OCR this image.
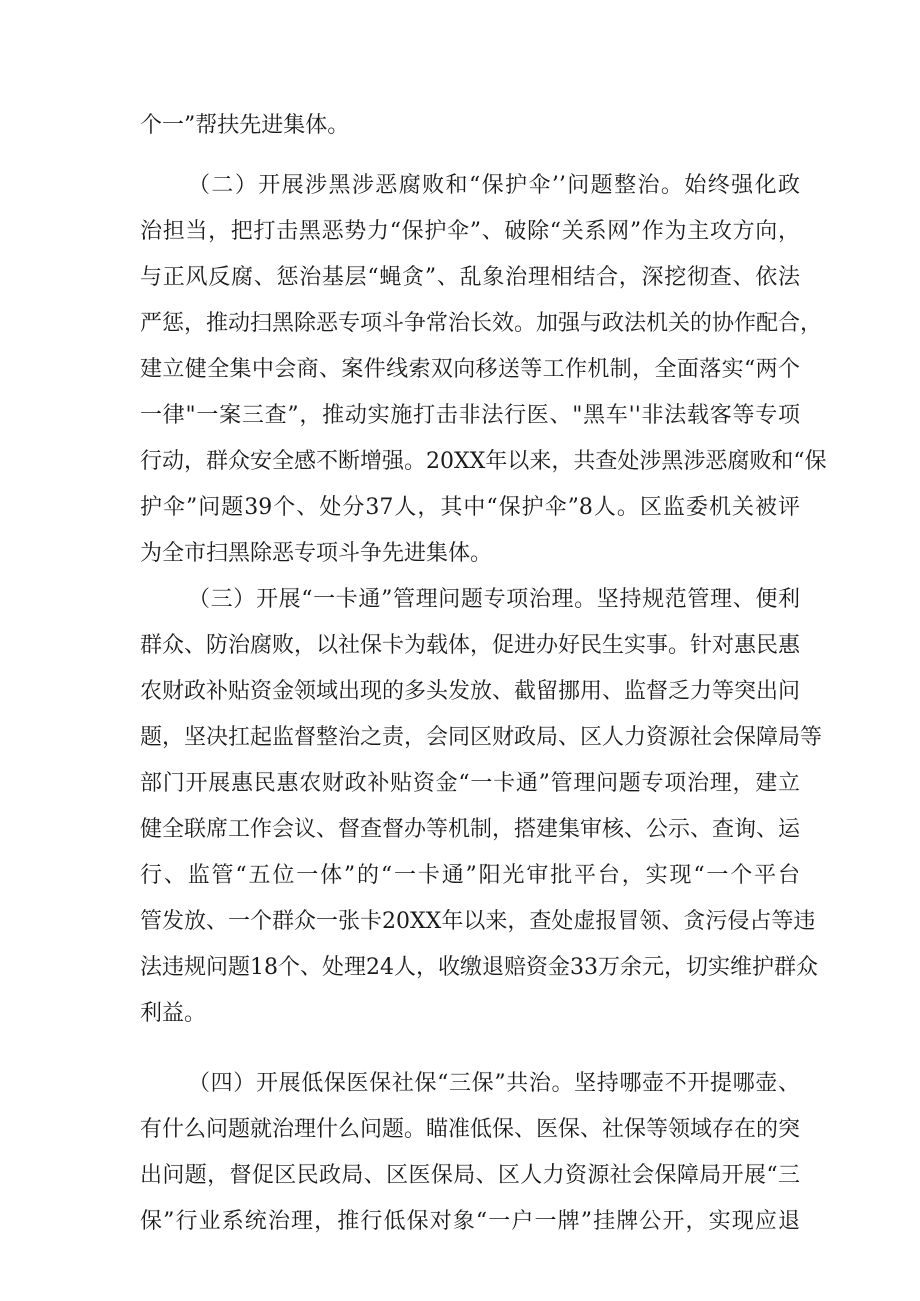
个一”帮扶先进集体。
（二）开展涉黑涉恶腐败和“保护伞’’问题整治。始终强化政
治担当，把打击黑恶势力“保护伞”、破除“关系网”作为主攻方向，
与正风反腐、惩治基层“蝇贪”、乱象治理相结合，深挖彻查、依法
严惩，推动扫黑除恶专项斗争常治长效。加强与政法机关的协作配合，
建立健全集中会商、案件线索双向移送等工作机制，全面落实“两个
一律"一案三查”，推动实施打击非法行医、"黑车''非法载客等专项
行动，群众安全感不断增强。20XX年以来，共查处涉黑涉恶腐败和“保
护伞”问题39个、处分37人，其中“保护伞”8人。区监委机关被评
为全市扫黑除恶专项斗争先进集体。
（三）开展“一卡通”管理问题专项治理。坚持规范管理、便利
群众、防治腐败，以社保卡为载体，促进办好民生实事。针对惠民惠
农财政补贴资金领域出现的多头发放、截留挪用、监督乏力等突出问
题，坚决扛起监督整治之责，会同区财政局、区人力资源社会保障局等
部门开展惠民惠农财政补贴资金“一卡通”管理问题专项治理，建立
健全联席工作会议、督查督办等机制，搭建集审核、公示、查询、运
行、监管“五位一体”的“一卡通”阳光审批平台，实现“一个平台
管发放、一个群众一张卡20XX年以来，查处虚报冒领、贪污侵占等违
法违规问题18个、处理24人，收缴退赔资金33万余元，切实维护群众
利益。
（四）开展低保医保社保“三保”共治。坚持哪壶不开提哪壶、
有什么问题就治理什么问题。瞄准低保、医保、社保等领域存在的突
出问题，督促区民政局、区医保局、区人力资源社会保障局开展“三
保”行业系统治理，推行低保对象“一户一牌”挂牌公开，实现应退
